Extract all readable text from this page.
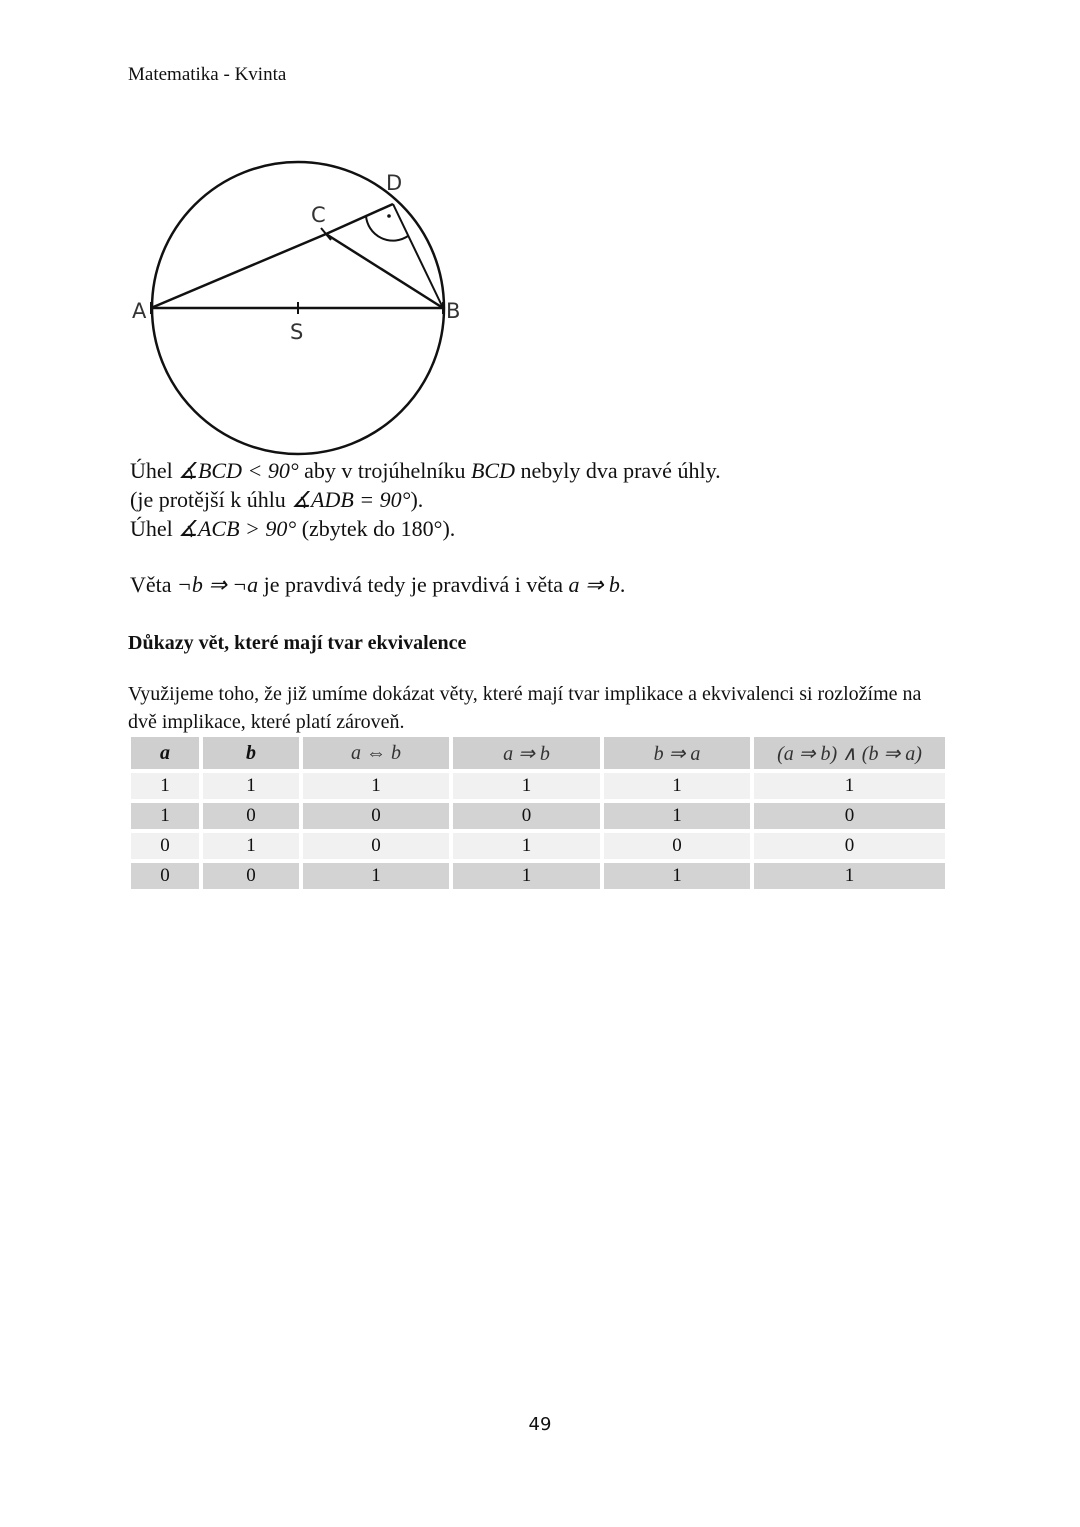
Matematika - Kvinta
A	B
C
D
S
Úhel ∡BCD < 90° aby v trojúhelníku BCD nebyly dva pravé úhly.
(je protější k úhlu ∡ADB = 90°).
Úhel ∡ACB > 90° (zbytek do 180°).
Věta ¬b ⇒ ¬a je pravdivá tedy je pravdivá i věta a ⇒ b.
Důkazy vět, které mají tvar ekvivalence
Využijeme toho, že již umíme dokázat věty, které mají tvar implikace a ekvivalenci si rozložíme na dvě implikace, které platí zároveň.
a	b	a ⇔ b	a ⇒ b	b ⇒ a	(a ⇒ b) ∧ (b ⇒ a)
1	1	1	1	1	1
1	0	0	0	1	0
0	1	0	1	0	0
0	0	1	1	1	1
49
